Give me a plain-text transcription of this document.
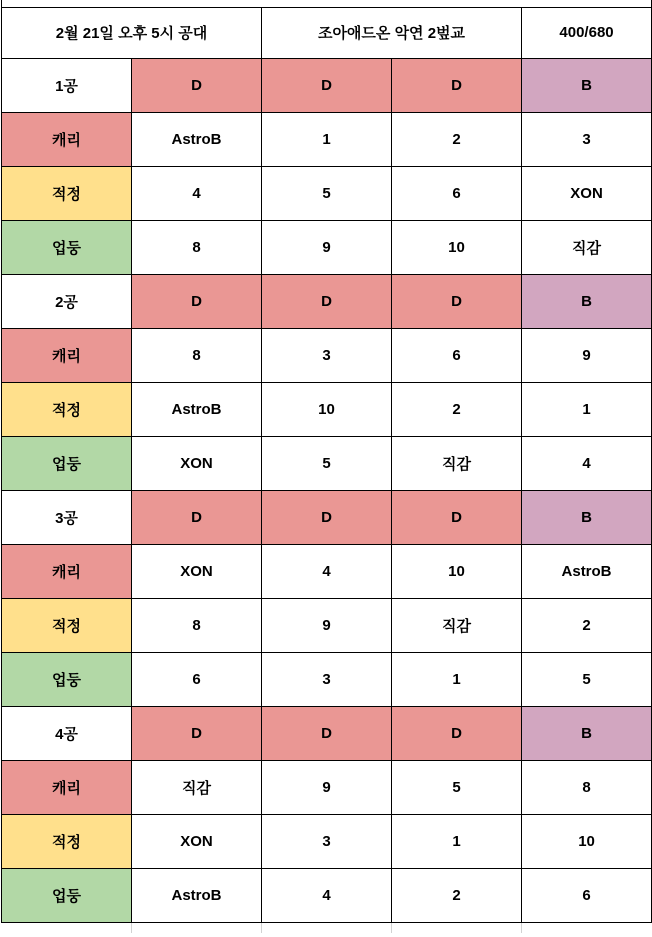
2월 21일 오후 5시 공대		조아애드온 악연 2벞교		400/680
1공	D	D	D	B
캐리	AstroB	1	2	3
적정	4	5	6	XON
업둥	8	9	10	직감
2공	D	D	D	B
캐리	8	3	6	9
적정	AstroB	10	2	1
업둥	XON	5	직감	4
3공	D	D	D	B
캐리	XON	4	10	AstroB
적정	8	9	직감	2
업둥	6	3	1	5
4공	D	D	D	B
캐리	직감	9	5	8
적정	XON	3	1	10
업둥	AstroB	4	2	6
